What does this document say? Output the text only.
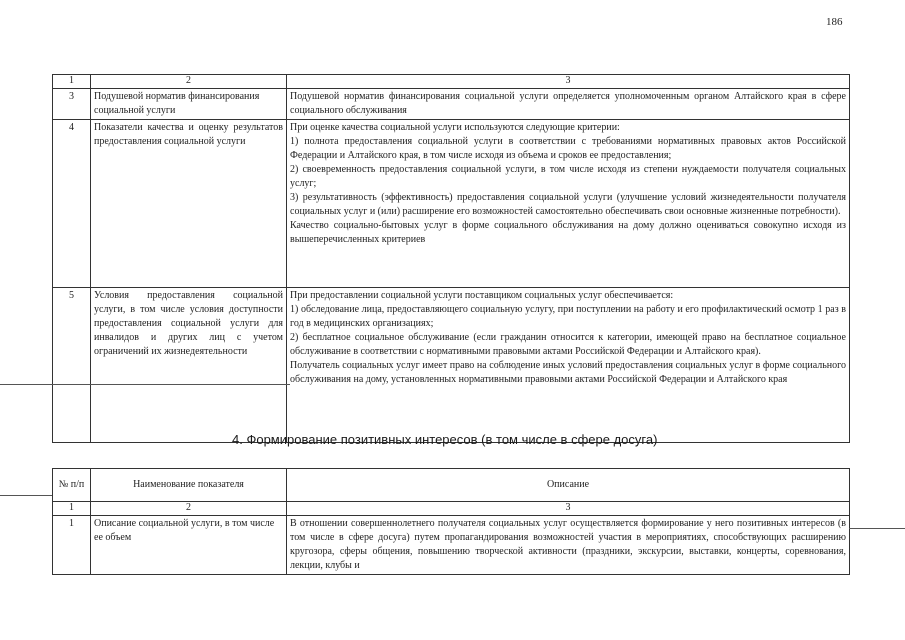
186
1	2	3
3	Подушевой норматив финансирования социальной услуги	Подушевой норматив финансирования социальной услуги определяется уполномоченным органом Алтайского края в сфере социального обслуживания

4	Показатели качества и оценку результатов предоставления социальной услуги	При оценке качества социальной услуги используются следующие критерии:

1) полнота предоставления социальной услуги в соответствии с требованиями нормативных правовых актов Российской Федерации и Алтайского края, в том числе исходя из объема и сроков ее предоставления;

2) своевременность предоставления социальной услуги, в том числе исходя из степени нуждаемости получателя социальных услуг;

3) результативность (эффективность) предоставления социальной услуги (улучшение условий жизнедеятельности получателя социальных услуг и (или) расширение его возможностей самостоятельно обеспечивать свои основные жизненные потребности).

Качество социально-бытовых услуг в форме социального обслуживания на дому должно оцениваться совокупно исходя из вышеперечисленных критериев

5	Условия предоставления социальной услуги, в том числе условия доступности предоставления социальной услуги для инвалидов и других лиц с учетом ограничений их жизнедеятельности	При предоставлении социальной услуги поставщиком социальных услуг обеспечивается:

1) обследование лица, предоставляющего социальную услугу, при поступлении на работу и его профилактический осмотр 1 раз в год в медицинских организациях;

2) бесплатное социальное обслуживание (если гражданин относится к категории, имеющей право на бесплатное социальное обслуживание в соответствии с нормативными правовыми актами Российской Федерации и Алтайского края).

Получатель социальных услуг имеет право на соблюдение иных условий предоставления социальных услуг в форме социального обслуживания на дому, установленных нормативными правовыми актами Российской Федерации и Алтайского края

4. Формирование позитивных интересов (в том числе в сфере досуга)
№ п/п	Наименование показателя	Описание
1	2	3
1	Описание социальной услуги, в том числе ее объем	В отношении совершеннолетнего получателя социальных услуг осуществляется формирование у него позитивных интересов (в том числе в сфере досуга) путем пропагандирования возможностей участия в мероприятиях, способствующих расширению кругозора, сферы общения, повышению творческой активности (праздники, экскурсии, выставки, концерты, соревнования, лекции, клубы и
